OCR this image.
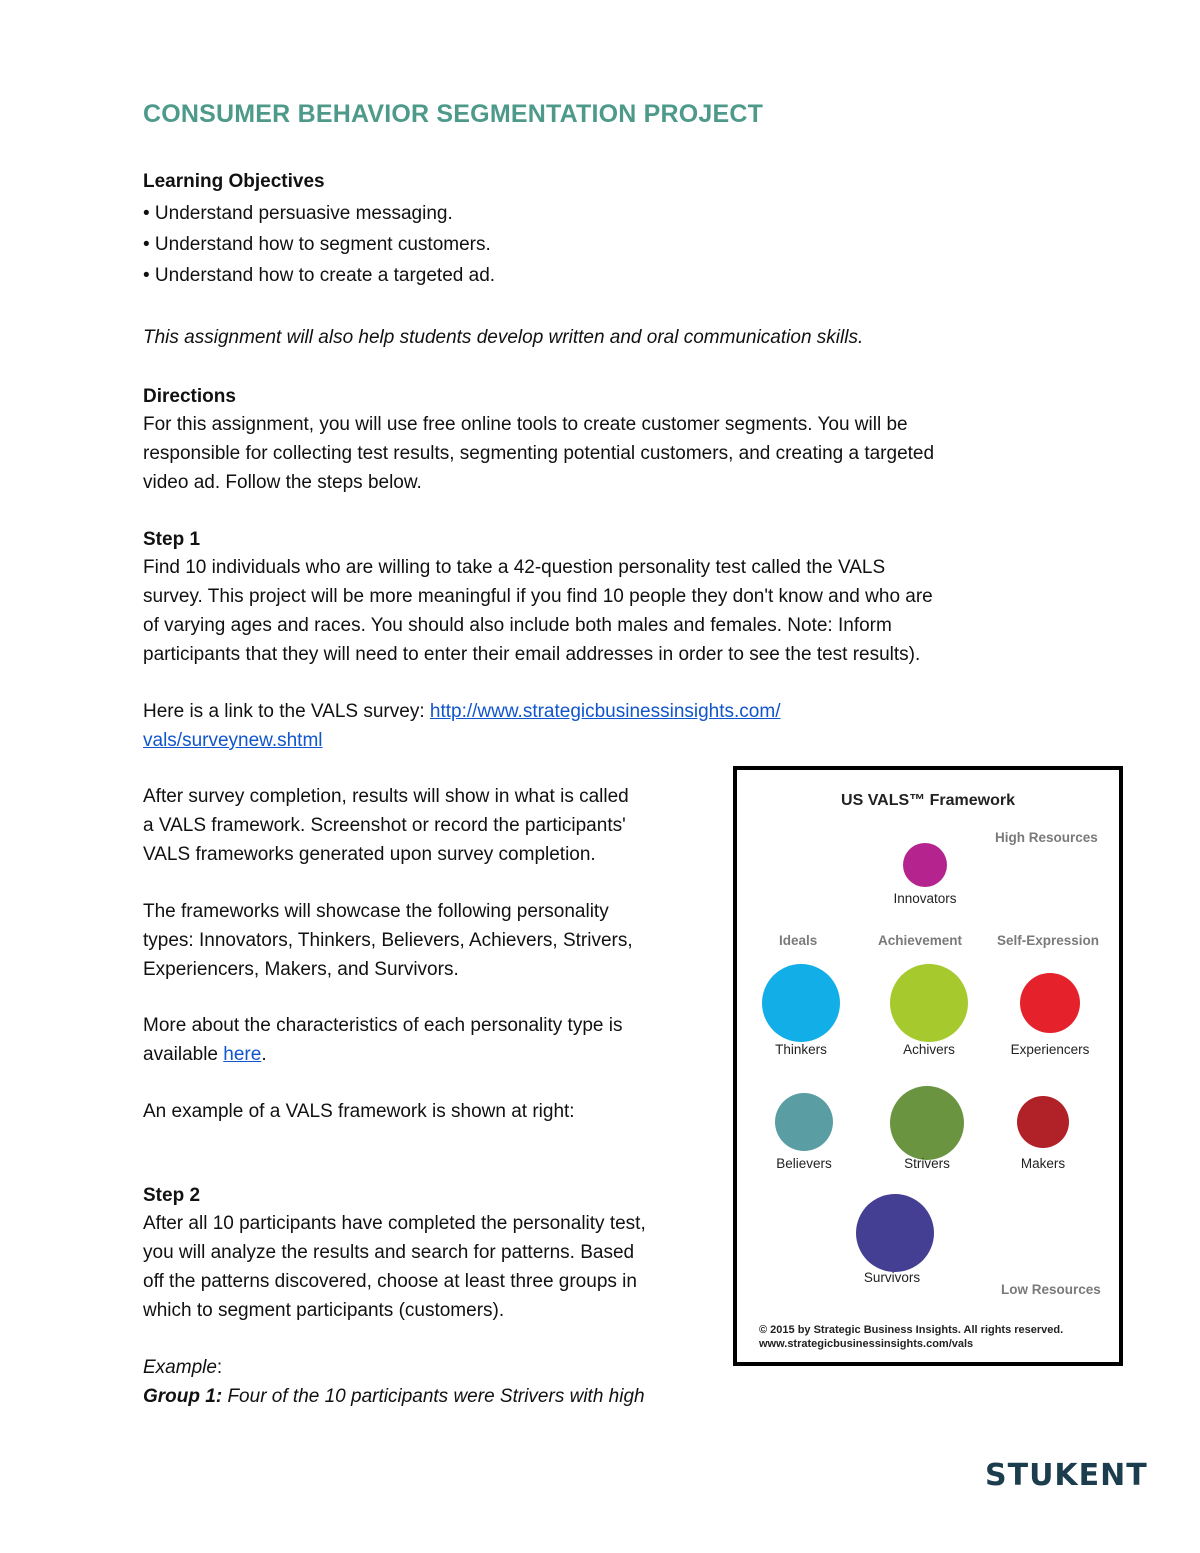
CONSUMER BEHAVIOR SEGMENTATION PROJECT
Learning Objectives
• Understand persuasive messaging.
• Understand how to segment customers.
• Understand how to create a targeted ad.
This assignment will also help students develop written and oral communication skills.
Directions
For this assignment, you will use free online tools to create customer segments. You will be
responsible for collecting test results, segmenting potential customers, and creating a targeted
video ad. Follow the steps below.
Step 1
Find 10 individuals who are willing to take a 42-question personality test called the VALS
survey. This project will be more meaningful if you find 10 people they don't know and who are
of varying ages and races. You should also include both males and females. Note: Inform
participants that they will need to enter their email addresses in order to see the test results).
Here is a link to the VALS survey: http://www.strategicbusinessinsights.com/
vals/surveynew.shtml
After survey completion, results will show in what is called
a VALS framework. Screenshot or record the participants'
VALS frameworks generated upon survey completion.
The frameworks will showcase the following personality
types: Innovators, Thinkers, Believers, Achievers, Strivers,
Experiencers, Makers, and Survivors.
More about the characteristics of each personality type is
available here.
An example of a VALS framework is shown at right:
Step 2
After all 10 participants have completed the personality test,
you will analyze the results and search for patterns. Based
off the patterns discovered, choose at least three groups in
which to segment participants (customers).
Example:
Group 1: Four of the 10 participants were Strivers with high
US VALS™ Framework
High Resources
Innovators
Ideals	Achievement	Self-Expression
Thinkers	Achivers	Experiencers
Believers	Strivers	Makers
Survivors
Low Resources
© 2015 by Strategic Business Insights. All rights reserved.
www.strategicbusinessinsights.com/vals
STUKENT
